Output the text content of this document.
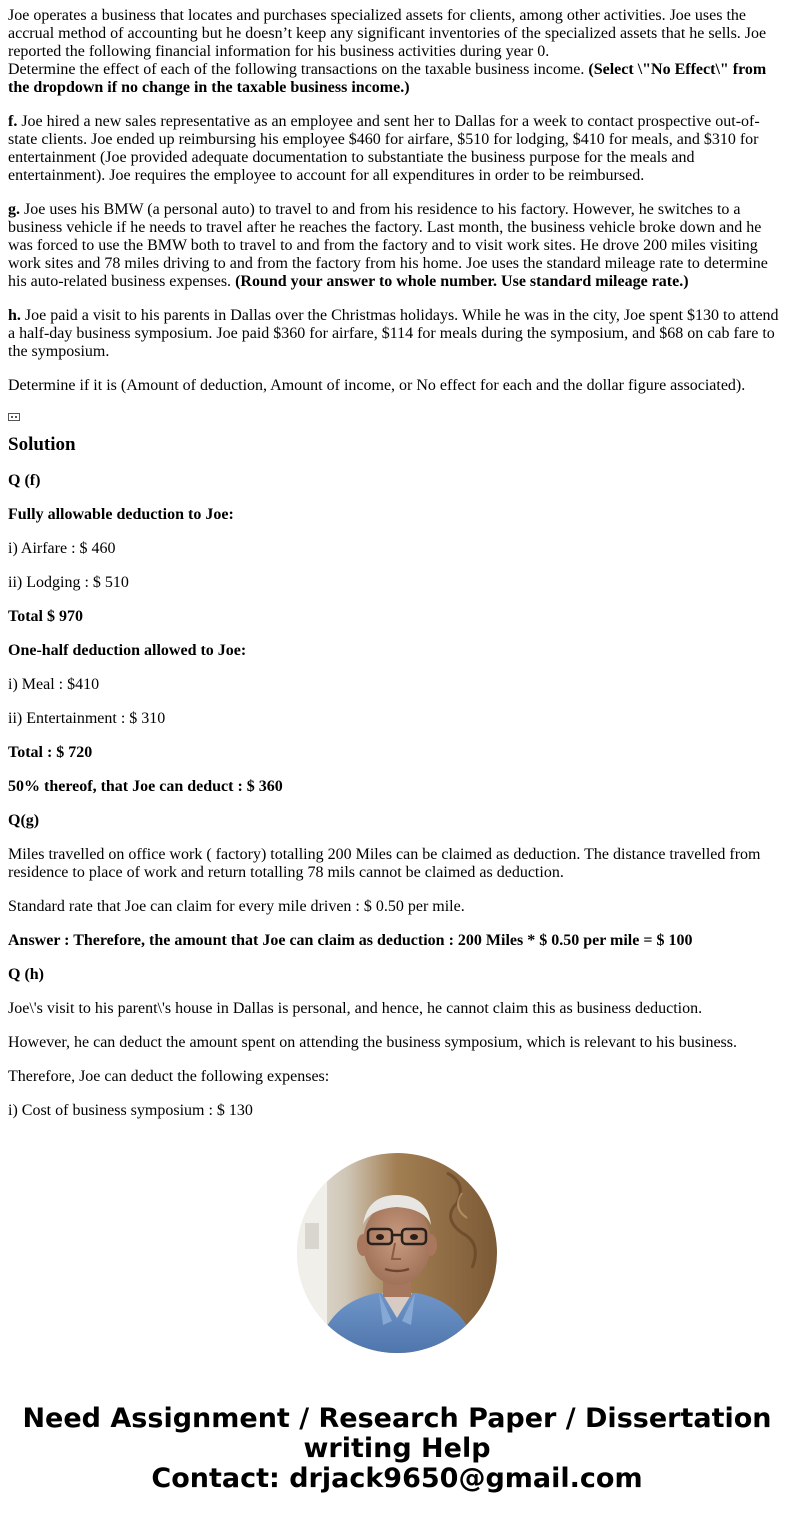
Joe operates a business that locates and purchases specialized assets for clients, among other activities. Joe uses the accrual method of accounting but he doesn’t keep any significant inventories of the specialized assets that he sells. Joe reported the following financial information for his business activities during year 0.

Determine the effect of each of the following transactions on the taxable business income. (Select \"No Effect\" from the dropdown if no change in the taxable business income.)

f. Joe hired a new sales representative as an employee and sent her to Dallas for a week to contact prospective out-of-state clients. Joe ended up reimbursing his employee $460 for airfare, $510 for lodging, $410 for meals, and $310 for entertainment (Joe provided adequate documentation to substantiate the business purpose for the meals and entertainment). Joe requires the employee to account for all expenditures in order to be reimbursed.

g. Joe uses his BMW (a personal auto) to travel to and from his residence to his factory. However, he switches to a business vehicle if he needs to travel after he reaches the factory. Last month, the business vehicle broke down and he was forced to use the BMW both to travel to and from the factory and to visit work sites. He drove 200 miles visiting work sites and 78 miles driving to and from the factory from his home. Joe uses the standard mileage rate to determine his auto-related business expenses. (Round your answer to whole number. Use standard mileage rate.)

h. Joe paid a visit to his parents in Dallas over the Christmas holidays. While he was in the city, Joe spent $130 to attend a half-day business symposium. Joe paid $360 for airfare, $114 for meals during the symposium, and $68 on cab fare to the symposium.

Determine if it is (Amount of deduction, Amount of income, or No effect for each and the dollar figure associated).

Solution

Q (f)

Fully allowable deduction to Joe:

i) Airfare : $ 460

ii) Lodging : $ 510

Total $ 970

One-half deduction allowed to Joe:

i) Meal : $410

ii) Entertainment : $ 310

Total : $ 720

50% thereof, that Joe can deduct : $ 360

Q(g)

Miles travelled on office work ( factory) totalling 200 Miles can be claimed as deduction. The distance travelled from residence to place of work and return totalling 78 mils cannot be claimed as deduction.

Standard rate that Joe can claim for every mile driven : $ 0.50 per mile.

Answer : Therefore, the amount that Joe can claim as deduction : 200 Miles * $ 0.50 per mile = $ 100

Q (h)

Joe\'s visit to his parent\'s house in Dallas is personal, and hence, he cannot claim this as business deduction.

However, he can deduct the amount spent on attending the business symposium, which is relevant to his business.

Therefore, Joe can deduct the following expenses:

i) Cost of business symposium : $ 130

Need Assignment / Research Paper / Dissertation
writing Help
Contact: drjack9650@gmail.com
